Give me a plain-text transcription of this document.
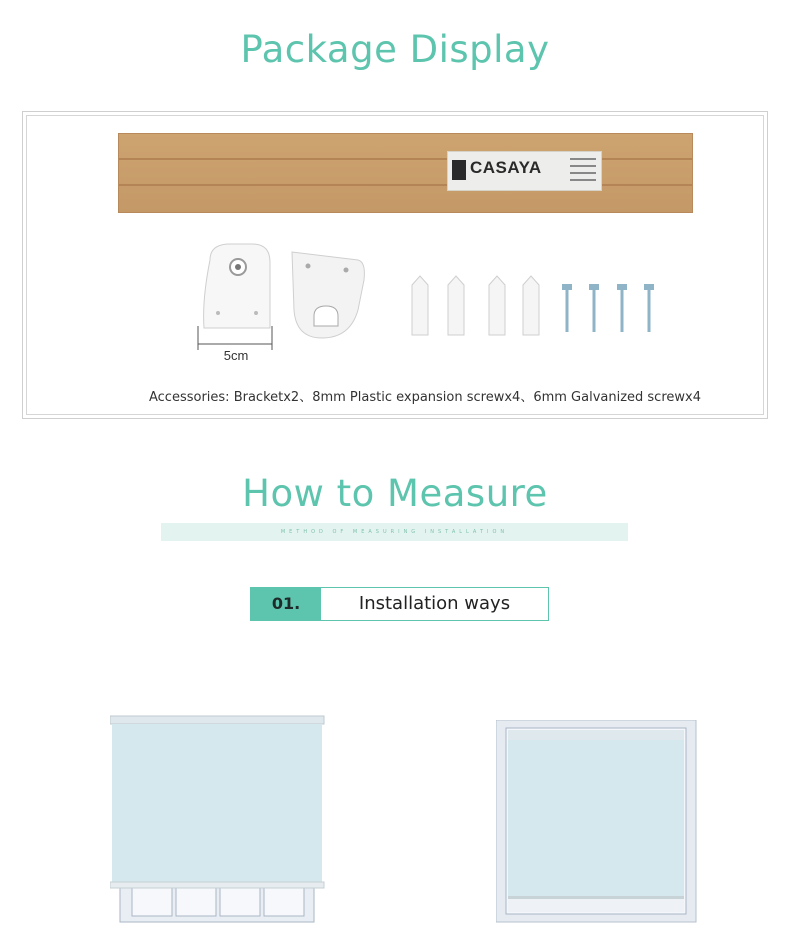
Package Display
CASAYA
5cm
Accessories: Bracketx2、8mm Plastic expansion screwx4、6mm Galvanized screwx4
How to Measure
METHOD OF MEASURING INSTALLATION
01.	Installation ways
